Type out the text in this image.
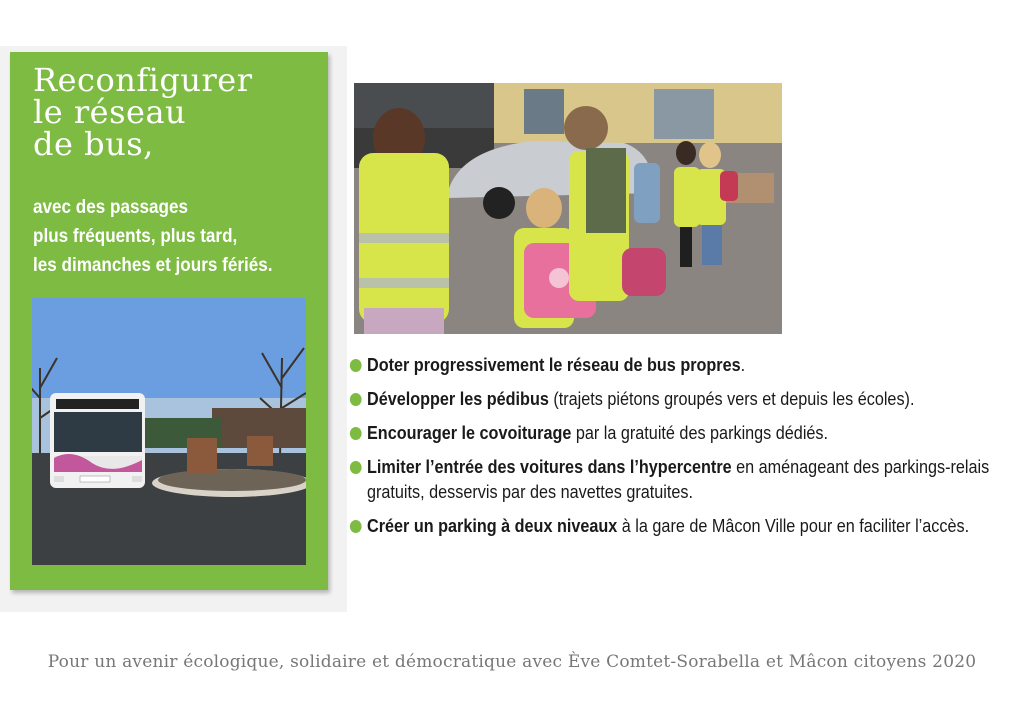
Reconfigurer
le réseau
de bus,
avec des passages
plus fréquents, plus tard,
les dimanches et jours fériés.
Doter progressivement le réseau de bus propres.
Développer les pédibus (trajets piétons groupés vers et depuis les écoles).
Encourager le covoiturage par la gratuité des parkings dédiés.
Limiter l’entrée des voitures dans l’hypercentre en aménageant des parkings-relais gratuits, desservis par des navettes gratuites.
Créer un parking à deux niveaux à la gare de Mâcon Ville pour en faciliter l’accès.
Pour un avenir écologique, solidaire et démocratique avec Ève Comtet-Sorabella et Mâcon citoyens 2020
